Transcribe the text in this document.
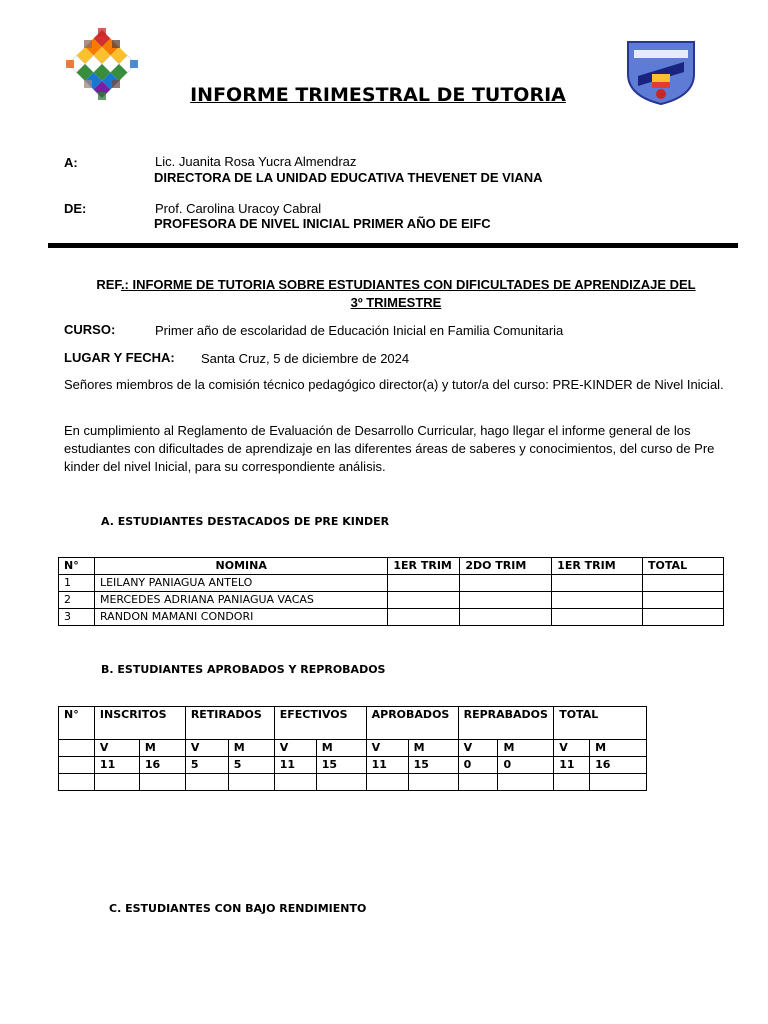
INFORME TRIMESTRAL DE TUTORIA
A:	Lic. Juanita Rosa Yucra Almendraz
DIRECTORA DE LA UNIDAD EDUCATIVA THEVENET DE VIANA
DE:	Prof. Carolina Uracoy Cabral
PROFESORA DE NIVEL INICIAL PRIMER AÑO DE EIFC
REF.: INFORME DE TUTORIA SOBRE ESTUDIANTES CON DIFICULTADES DE APRENDIZAJE DEL
3º TRIMESTRE
CURSO:	Primer año de escolaridad de Educación Inicial en Familia Comunitaria
LUGAR Y FECHA: Santa Cruz, 5 de diciembre de 2024
Señores miembros de la comisión técnico pedagógico director(a) y tutor/a del curso: PRE-KINDER de Nivel Inicial.
En cumplimiento al Reglamento de Evaluación de Desarrollo Curricular, hago llegar el informe general de los estudiantes con dificultades de aprendizaje en las diferentes áreas de saberes y conocimientos, del curso de Pre kinder del nivel Inicial, para su correspondiente análisis.
A. ESTUDIANTES DESTACADOS DE PRE KINDER
N°	NOMINA	1ER TRIM	2DO TRIM	1ER TRIM	TOTAL
1	LEILANY PANIAGUA ANTELO				
2	MERCEDES ADRIANA PANIAGUA VACAS				
3	RANDON MAMANI CONDORI				
B. ESTUDIANTES APROBADOS Y REPROBADOS
N°	INSCRITOS		RETIRADOS		EFECTIVOS		APROBADOS		REPRABADOS		TOTAL	
	V	M	V	M	V	M	V	M	V	M	V	M
	11	16	5	5	11	15	11	15	0	0	11	16

C. ESTUDIANTES CON BAJO RENDIMIENTO
